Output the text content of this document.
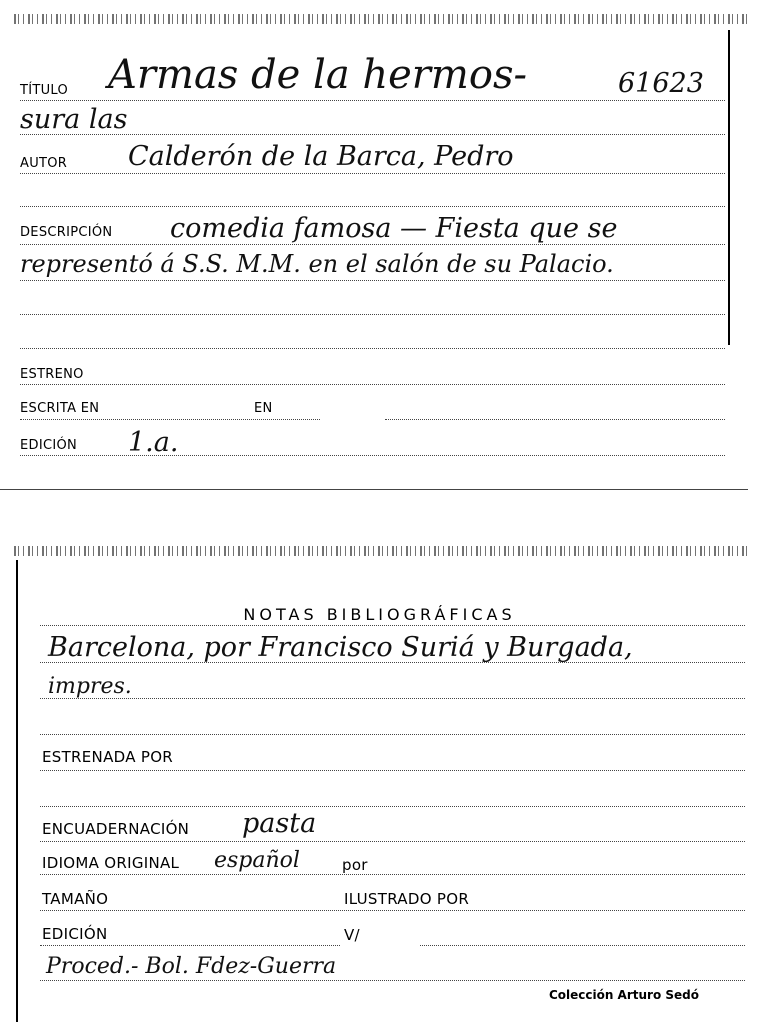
TÍTULO Armas de la hermos-	61623
sura las
AUTOR Calderón de la Barca, Pedro
DESCRIPCIÓN comedia famosa — Fiesta que se
representó á S.S. M.M. en el salón de su Palacio.
ESTRENO
ESCRITA EN	EN
EDICIÓN 1.a.
NOTAS BIBLIOGRÁFICAS
Barcelona, por Francisco Suriá y Burgada,
impres.
ESTRENADA POR
ENCUADERNACIÓN pasta
IDIOMA ORIGINAL español	por
TAMAÑO	ILUSTRADO POR
EDICIÓN	V/
Proced.- Bol. Fdez-Guerra
Colección Arturo Sedó
